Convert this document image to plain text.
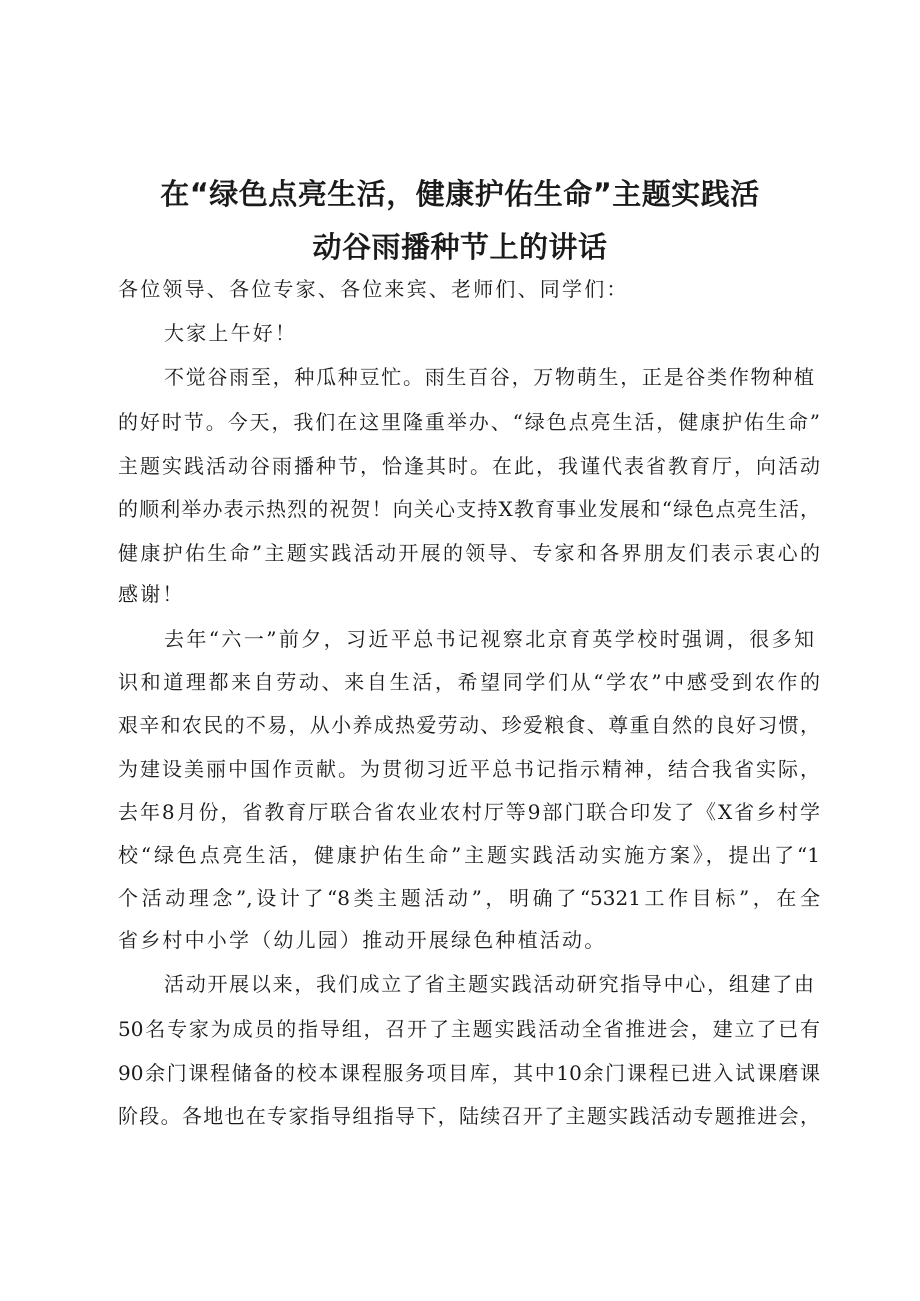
在“绿色点亮生活，健康护佑生命”主题实践活
动谷雨播种节上的讲话

各位领导、各位专家、各位来宾、老师们、同学们：

大家上午好！

不觉谷雨至，种瓜种豆忙。雨生百谷，万物萌生，正是谷类作物种植

的好时节。今天，我们在这里隆重举办、“绿色点亮生活，健康护佑生命”

主题实践活动谷雨播种节，恰逢其时。在此，我谨代表省教育厅，向活动

的顺利举办表示热烈的祝贺！向关心支持X教育事业发展和“绿色点亮生活，

健康护佑生命”主题实践活动开展的领导、专家和各界朋友们表示衷心的

感谢！

去年“六一”前夕，习近平总书记视察北京育英学校时强调，很多知

识和道理都来自劳动、来自生活，希望同学们从“学农”中感受到农作的

艰辛和农民的不易，从小养成热爱劳动、珍爱粮食、尊重自然的良好习惯，

为建设美丽中国作贡献。为贯彻习近平总书记指示精神，结合我省实际，

去年8月份，省教育厅联合省农业农村厅等9部门联合印发了《X省乡村学

校“绿色点亮生活，健康护佑生命”主题实践活动实施方案》，提出了“1

个活动理念”,设计了“8类主题活动”，明确了“5321工作目标”，在全

省乡村中小学（幼儿园）推动开展绿色种植活动。

活动开展以来，我们成立了省主题实践活动研究指导中心，组建了由

50名专家为成员的指导组，召开了主题实践活动全省推进会，建立了已有

90余门课程储备的校本课程服务项目库，其中10余门课程已进入试课磨课

阶段。各地也在专家指导组指导下，陆续召开了主题实践活动专题推进会，
